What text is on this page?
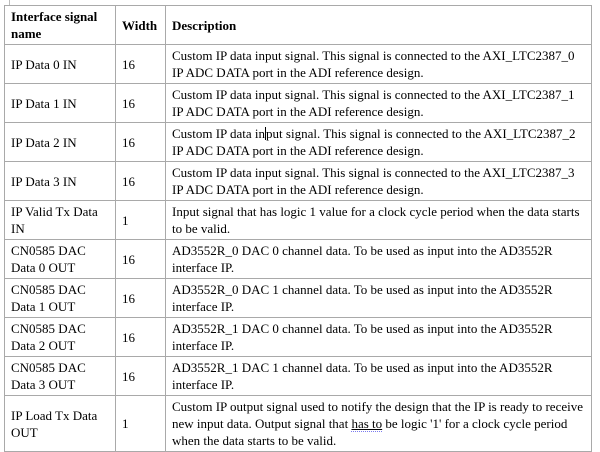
Interface signal
name	Width	Description
IP Data 0 IN	16	Custom IP data input signal. This signal is connected to the AXI_LTC2387_0
IP ADC DATA port in the ADI reference design.
IP Data 1 IN	16	Custom IP data input signal. This signal is connected to the AXI_LTC2387_1
IP ADC DATA port in the ADI reference design.
IP Data 2 IN	16	Custom IP data input signal. This signal is connected to the AXI_LTC2387_2
IP ADC DATA port in the ADI reference design.
IP Data 3 IN	16	Custom IP data input signal. This signal is connected to the AXI_LTC2387_3
IP ADC DATA port in the ADI reference design.
IP Valid Tx Data
IN	1	Input signal that has logic 1 value for a clock cycle period when the data starts
to be valid.
CN0585 DAC
Data 0 OUT	16	AD3552R_0 DAC 0 channel data. To be used as input into the AD3552R
interface IP.
CN0585 DAC
Data 1 OUT	16	AD3552R_0 DAC 1 channel data. To be used as input into the AD3552R
interface IP.
CN0585 DAC
Data 2 OUT	16	AD3552R_1 DAC 0 channel data. To be used as input into the AD3552R
interface IP.
CN0585 DAC
Data 3 OUT	16	AD3552R_1 DAC 1 channel data. To be used as input into the AD3552R
interface IP.
IP Load Tx Data
OUT	1	Custom IP output signal used to notify the design that the IP is ready to receive
new input data. Output signal that has to be logic '1' for a clock cycle period
when the data starts to be valid.
